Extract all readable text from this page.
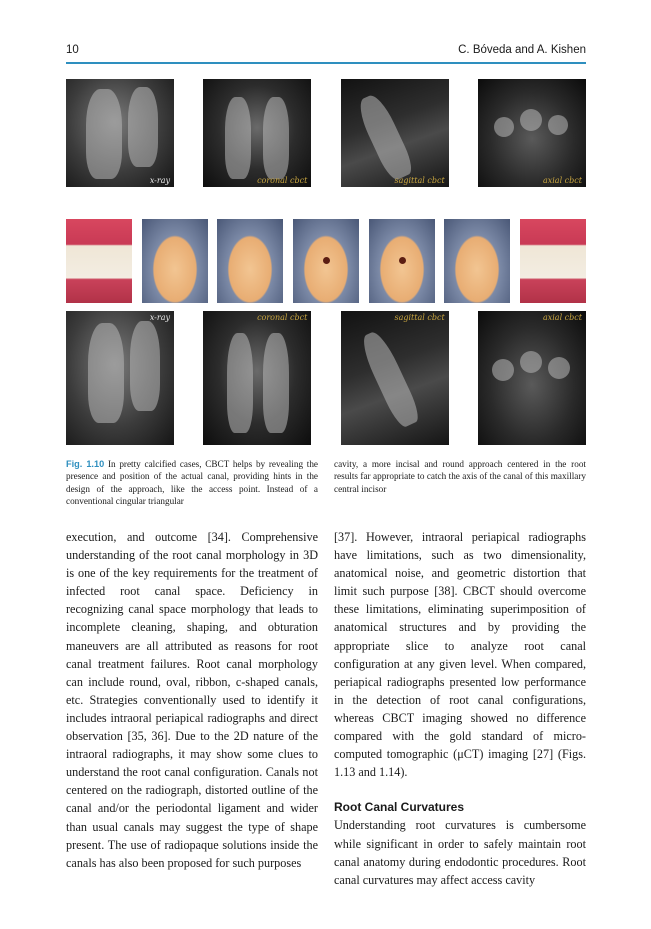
10	C. Bóveda and A. Kishen
x-ray	coronal cbct	sagittal cbct	axial cbct
x-ray	coronal cbct	sagittal cbct	axial cbct
Fig. 1.10 In pretty calcified cases, CBCT helps by revealing the presence and position of the actual canal, providing hints in the design of the approach, like the access point. Instead of a conventional cingular triangular
cavity, a more incisal and round approach centered in the root results far appropriate to catch the axis of the canal of this maxillary central incisor

execution, and outcome [34]. Comprehensive understanding of the root canal morphology in 3D is one of the key requirements for the treatment of infected root canal space. Deficiency in recognizing canal space morphology that leads to incomplete cleaning, shaping, and obturation maneuvers are all attributed as reasons for root canal treatment failures. Root canal morphology can include round, oval, ribbon, c-shaped canals, etc. Strategies conventionally used to identify it includes intraoral periapical radiographs and direct observation [35, 36]. Due to the 2D nature of the intraoral radiographs, it may show some clues to understand the root canal configuration. Canals not centered on the radiograph, distorted outline of the canal and/or the periodontal ligament and wider than usual canals may suggest the type of shape present. The use of radiopaque solutions inside the canals has also been proposed for such purposes

[37]. However, intraoral periapical radiographs have limitations, such as two dimensionality, anatomical noise, and geometric distortion that limit such purpose [38]. CBCT should overcome these limitations, eliminating superimposition of anatomical structures and by providing the appropriate slice to analyze root canal configuration at any given level. When compared, periapical radiographs presented low performance in the detection of root canal configurations, whereas CBCT imaging showed no difference compared with the gold standard of micro-computed tomographic (μCT) imaging [27] (Figs. 1.13 and 1.14).

Root Canal Curvatures

Understanding root curvatures is cumbersome while significant in order to safely maintain root canal anatomy during endodontic procedures. Root canal curvatures may affect access cavity
